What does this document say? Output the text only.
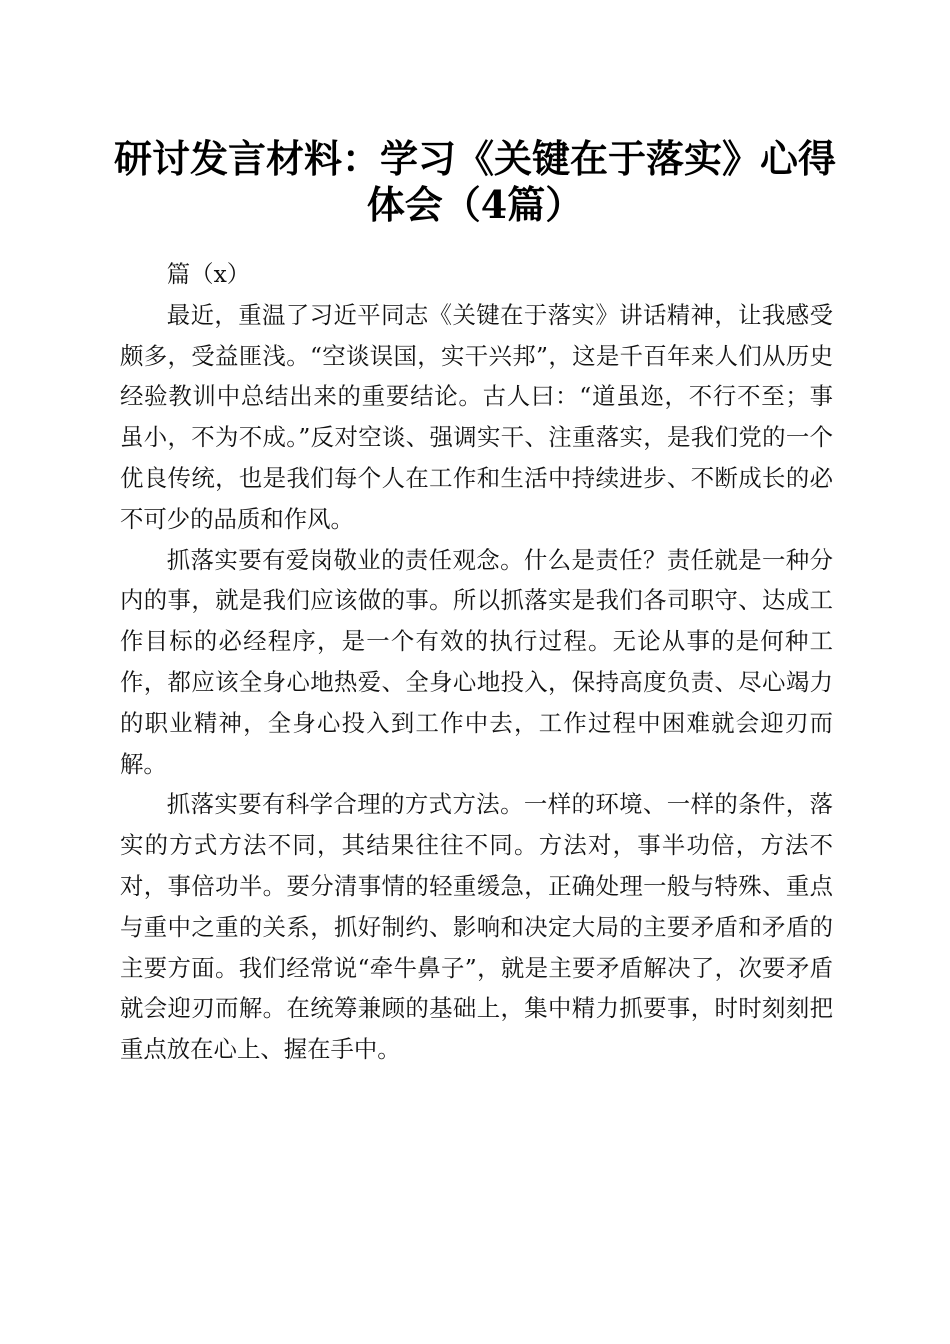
研讨发言材料：学习《关键在于落实》心得体会（4篇）

篇（x）

最近，重温了习近平同志《关键在于落实》讲话精神，让我感受颇多，受益匪浅。“空谈误国，实干兴邦”，这是千百年来人们从历史经验教训中总结出来的重要结论。古人曰：“道虽迩，不行不至；事虽小，不为不成。”反对空谈、强调实干、注重落实，是我们党的一个优良传统，也是我们每个人在工作和生活中持续进步、不断成长的必不可少的品质和作风。

抓落实要有爱岗敬业的责任观念。什么是责任？责任就是一种分内的事，就是我们应该做的事。所以抓落实是我们各司职守、达成工作目标的必经程序，是一个有效的执行过程。无论从事的是何种工作，都应该全身心地热爱、全身心地投入，保持高度负责、尽心竭力的职业精神，全身心投入到工作中去，工作过程中困难就会迎刃而解。

抓落实要有科学合理的方式方法。一样的环境、一样的条件，落实的方式方法不同，其结果往往不同。方法对，事半功倍，方法不对，事倍功半。要分清事情的轻重缓急，正确处理一般与特殊、重点与重中之重的关系，抓好制约、影响和决定大局的主要矛盾和矛盾的主要方面。我们经常说“牵牛鼻子”，就是主要矛盾解决了，次要矛盾就会迎刃而解。在统筹兼顾的基础上，集中精力抓要事，时时刻刻把重点放在心上、握在手中。
